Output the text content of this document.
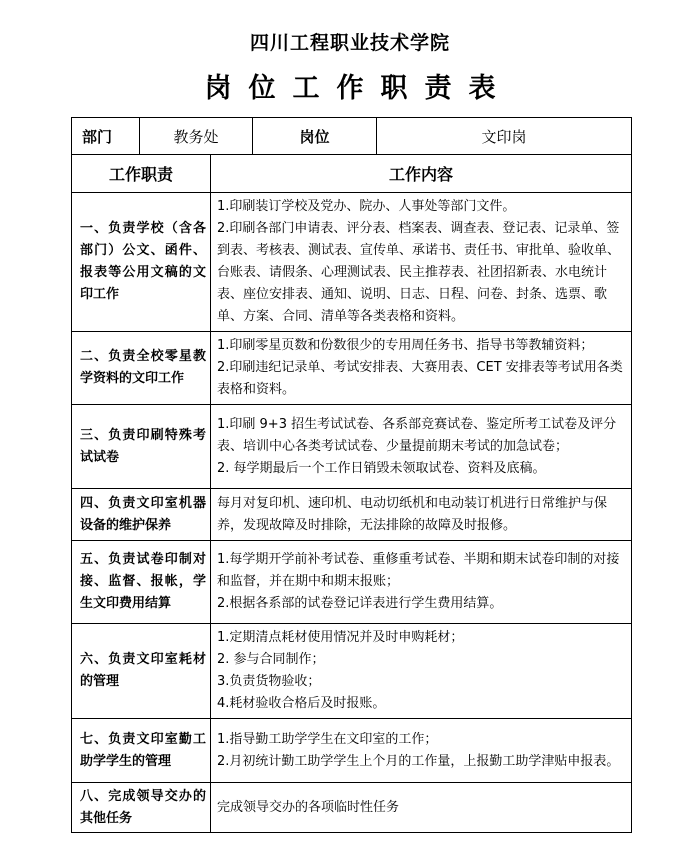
四川工程职业技术学院
岗位工作职责表
部门 教务处 岗位 文印岗	

工作职责	工作内容
一、负责学校（含各部门）公文、函件、报表等公用文稿的文印工作	1.印刷装订学校及党办、院办、人事处等部门文件。
2.印刷各部门申请表、评分表、档案表、调查表、登记表、记录单、签到表、考核表、测试表、宣传单、承诺书、责任书、审批单、验收单、台账表、请假条、心理测试表、民主推荐表、社团招新表、水电统计表、座位安排表、通知、说明、日志、日程、问卷、封条、选票、歌单、方案、合同、清单等各类表格和资料。

二、负责全校零星教学资料的文印工作	1.印刷零星页数和份数很少的专用周任务书、指导书等教辅资料；
2.印刷违纪记录单、考试安排表、大赛用表、CET 安排表等考试用各类表格和资料。

三、负责印刷特殊考试试卷	1.印刷 9+3 招生考试试卷、各系部竞赛试卷、鉴定所考工试卷及评分表、培训中心各类考试试卷、少量提前期末考试的加急试卷；
2. 每学期最后一个工作日销毁未领取试卷、资料及底稿。

四、负责文印室机器设备的维护保养	每月对复印机、速印机、电动切纸机和电动装订机进行日常维护与保养，发现故障及时排除，无法排除的故障及时报修。

五、负责试卷印制对接、监督、报帐，学生文印费用结算	1.每学期开学前补考试卷、重修重考试卷、半期和期末试卷印制的对接和监督，并在期中和期末报账；
2.根据各系部的试卷登记详表进行学生费用结算。

六、负责文印室耗材的管理	1.定期清点耗材使用情况并及时申购耗材；
2. 参与合同制作；
3.负责货物验收；
4.耗材验收合格后及时报账。

七、负责文印室勤工助学学生的管理	1.指导勤工助学学生在文印室的工作；
2.月初统计勤工助学学生上个月的工作量，上报勤工助学津贴申报表。

八、完成领导交办的其他任务	完成领导交办的各项临时性任务
